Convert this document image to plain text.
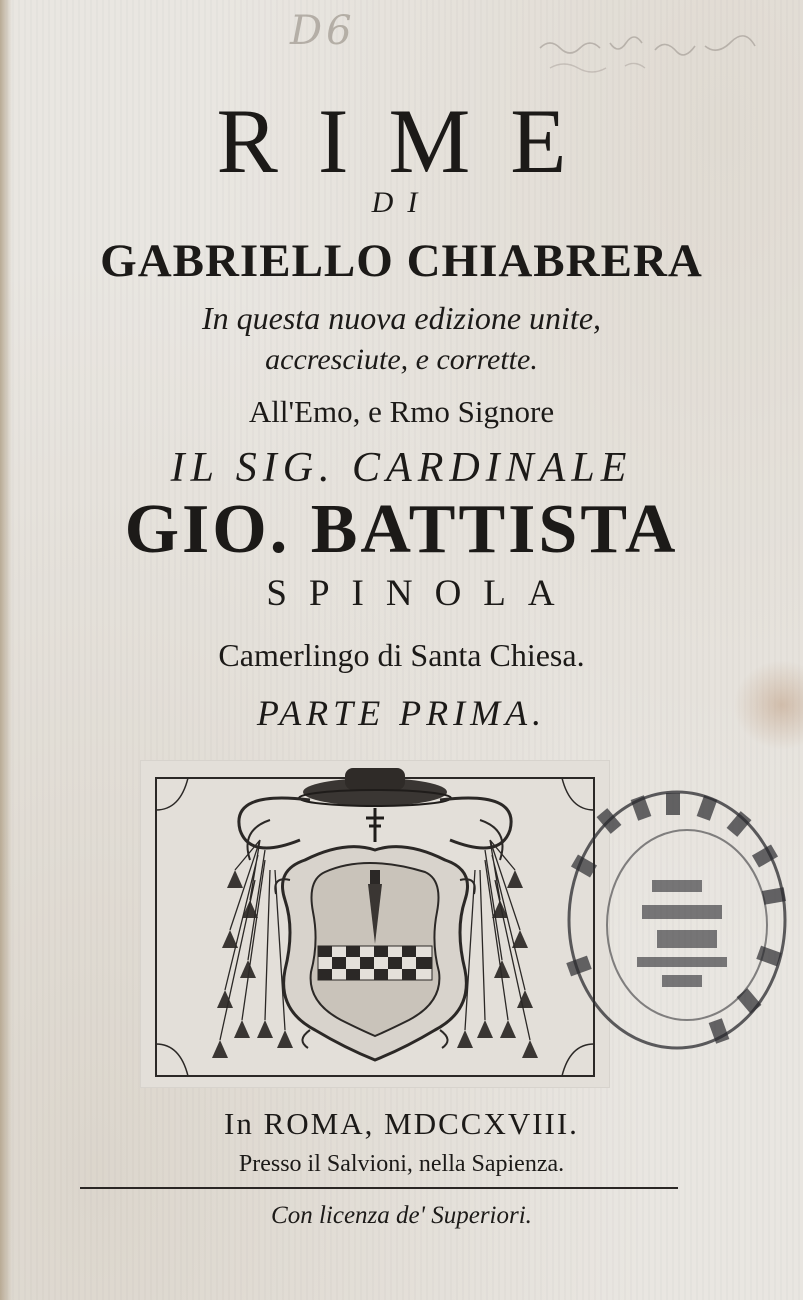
D6
RIME
DI
GABRIELLO CHIABRERA
In questa nuova edizione unite,
accresciute, e corrette.
All'Emo, e Rmo Signore
IL SIG. CARDINALE
GIO. BATTISTA
SPINOLA
Camerlingo di Santa Chiesa.
PARTE PRIMA.
In ROMA, MDCCXVIII.
Presso il Salvioni, nella Sapienza.
Con licenza de' Superiori.
